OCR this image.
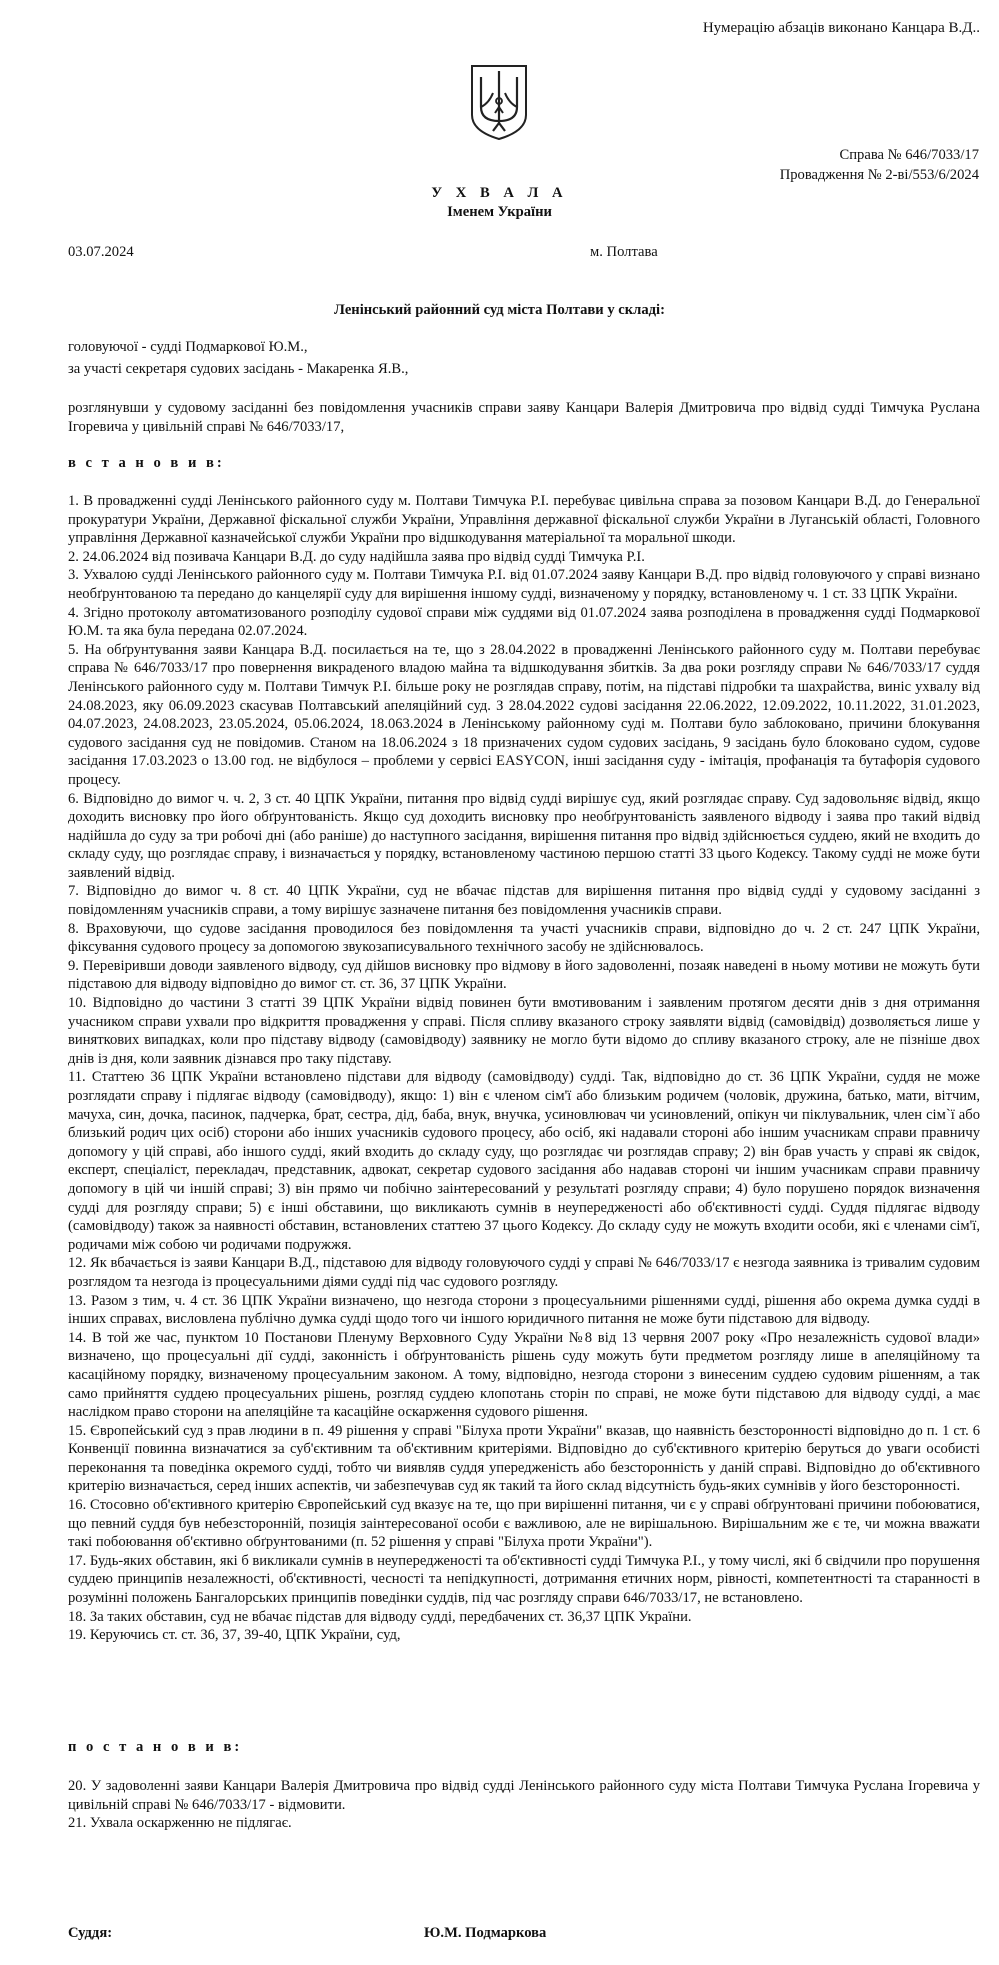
Нумерацію абзаців виконано Канцара В.Д..
Справа № 646/7033/17
Провадження № 2-ві/553/6/2024
У Х В А Л А
Іменем України
03.07.2024	м. Полтава
Ленінський районний суд міста Полтави у складі:
головуючої - судді Подмаркової Ю.М.,
за участі секретаря судових засідань - Макаренка Я.В.,
розглянувши у судовому засіданні без повідомлення учасників справи заяву Канцари Валерія Дмитровича про відвід судді Тимчука Руслана Ігоревича у цивільній справі № 646/7033/17,
в с т а н о в и в:

1. В провадженні судді Ленінського районного суду м. Полтави Тимчука Р.І. перебуває цивільна справа за позовом Канцари В.Д. до Генеральної прокуратури України, Державної фіскальної служби України, Управління державної фіскальної служби України в Луганській області, Головного управління Державної казначейської служби України про відшкодування матеріальної та моральної шкоди.

2. 24.06.2024 від позивача Канцари В.Д. до суду надійшла заява про відвід судді Тимчука Р.І.

3. Ухвалою судді Ленінського районного суду м. Полтави Тимчука Р.І. від 01.07.2024 заяву Канцари В.Д. про відвід головуючого у справі визнано необґрунтованою та передано до канцелярії суду для вирішення іншому судді, визначеному у порядку, встановленому ч. 1 ст. 33 ЦПК України.

4. Згідно протоколу автоматизованого розподілу судової справи між суддями від 01.07.2024 заява розподілена в провадження судді Подмаркової Ю.М. та яка була передана 02.07.2024.

5. На обґрунтування заяви Канцара В.Д. посилається на те, що з 28.04.2022 в провадженні Ленінського районного суду м. Полтави перебуває справа № 646/7033/17 про повернення викраденого владою майна та відшкодування збитків. За два роки розгляду справи № 646/7033/17 суддя Ленінського районного суду м. Полтави Тимчук Р.І. більше року не розглядав справу, потім, на підставі підробки та шахрайства, виніс ухвалу від 24.08.2023, яку 06.09.2023 скасував Полтавський апеляційний суд. З 28.04.2022 судові засідання 22.06.2022, 12.09.2022, 10.11.2022, 31.01.2023, 04.07.2023, 24.08.2023, 23.05.2024, 05.06.2024, 18.063.2024 в Ленінському районному суді м. Полтави було заблоковано, причини блокування судового засідання суд не повідомив. Станом на 18.06.2024 з 18 призначених судом судових засідань, 9 засідань було блоковано судом, судове засідання 17.03.2023 о 13.00 год. не відбулося – проблеми у сервісі EASYCON, інші засідання суду - імітація, профанація та бутафорія судового процесу.

6. Відповідно до вимог ч. ч. 2, 3 ст. 40 ЦПК України, питання про відвід судді вирішує суд, який розглядає справу. Суд задовольняє відвід, якщо доходить висновку про його обґрунтованість. Якщо суд доходить висновку про необґрунтованість заявленого відводу і заява про такий відвід надійшла до суду за три робочі дні (або раніше) до наступного засідання, вирішення питання про відвід здійснюється суддею, який не входить до складу суду, що розглядає справу, і визначається у порядку, встановленому частиною першою статті 33 цього Кодексу. Такому судді не може бути заявлений відвід.

7. Відповідно до вимог ч. 8 ст. 40 ЦПК України, суд не вбачає підстав для вирішення питання про відвід судді у судовому засіданні з повідомленням учасників справи, а тому вирішує зазначене питання без повідомлення учасників справи.

8. Враховуючи, що судове засідання проводилося без повідомлення та участі учасників справи, відповідно до ч. 2 ст. 247 ЦПК України, фіксування судового процесу за допомогою звукозаписувального технічного засобу не здійснювалось.

9. Перевіривши доводи заявленого відводу, суд дійшов висновку про відмову в його задоволенні, позаяк наведені в ньому мотиви не можуть бути підставою для відводу відповідно до вимог ст. ст. 36, 37 ЦПК України.

10. Відповідно до частини 3 статті 39 ЦПК України відвід повинен бути вмотивованим і заявленим протягом десяти днів з дня отримання учасником справи ухвали про відкриття провадження у справі. Після спливу вказаного строку заявляти відвід (самовідвід) дозволяється лише у виняткових випадках, коли про підставу відводу (самовідводу) заявнику не могло бути відомо до спливу вказаного строку, але не пізніше двох днів із дня, коли заявник дізнався про таку підставу.

11. Статтею 36 ЦПК України встановлено підстави для відводу (самовідводу) судді. Так, відповідно до ст. 36 ЦПК України, суддя не може розглядати справу і підлягає відводу (самовідводу), якщо: 1) він є членом сім'ї або близьким родичем (чоловік, дружина, батько, мати, вітчим, мачуха, син, дочка, пасинок, падчерка, брат, сестра, дід, баба, внук, внучка, усиновлювач чи усиновлений, опікун чи піклувальник, член сім`ї або близький родич цих осіб) сторони або інших учасників судового процесу, або осіб, які надавали стороні або іншим учасникам справи правничу допомогу у цій справі, або іншого судді, який входить до складу суду, що розглядає чи розглядав справу; 2) він брав участь у справі як свідок, експерт, спеціаліст, перекладач, представник, адвокат, секретар судового засідання або надавав стороні чи іншим учасникам справи правничу допомогу в цій чи іншій справі; 3) він прямо чи побічно заінтересований у результаті розгляду справи; 4) було порушено порядок визначення судді для розгляду справи; 5) є інші обставини, що викликають сумнів в неупередженості або об'єктивності судді. Суддя підлягає відводу (самовідводу) також за наявності обставин, встановлених статтею 37 цього Кодексу. До складу суду не можуть входити особи, які є членами сім'ї, родичами між собою чи родичами подружжя.

12. Як вбачається із заяви Канцари В.Д., підставою для відводу головуючого судді у справі № 646/7033/17 є незгода заявника із тривалим судовим розглядом та незгода із процесуальними діями судді під час судового розгляду.

13. Разом з тим, ч. 4 ст. 36 ЦПК України визначено, що незгода сторони з процесуальними рішеннями судді, рішення або окрема думка судді в інших справах, висловлена публічно думка судді щодо того чи іншого юридичного питання не може бути підставою для відводу.

14. В той же час, пунктом 10 Постанови Пленуму Верховного Суду України №8 від 13 червня 2007 року «Про незалежність судової влади» визначено, що процесуальні дії судді, законність і обґрунтованість рішень суду можуть бути предметом розгляду лише в апеляційному та касаційному порядку, визначеному процесуальним законом. А тому, відповідно, незгода сторони з винесеним суддею судовим рішенням, а так само прийняття суддею процесуальних рішень, розгляд суддею клопотань сторін по справі, не може бути підставою для відводу судді, а має наслідком право сторони на апеляційне та касаційне оскарження судового рішення.

15. Європейський суд з прав людини в п. 49 рішення у справі "Білуха проти України" вказав, що наявність безсторонності відповідно до п. 1 ст. 6 Конвенції повинна визначатися за суб'єктивним та об'єктивним критеріями. Відповідно до суб'єктивного критерію беруться до уваги особисті переконання та поведінка окремого судді, тобто чи виявляв суддя упередженість або безсторонність у даній справі. Відповідно до об'єктивного критерію визначається, серед інших аспектів, чи забезпечував суд як такий та його склад відсутність будь-яких сумнівів у його безсторонності.

16. Стосовно об'єктивного критерію Європейський суд вказує на те, що при вирішенні питання, чи є у справі обґрунтовані причини побоюватися, що певний суддя був небезсторонній, позиція заінтересованої особи є важливою, але не вирішальною. Вирішальним же є те, чи можна вважати такі побоювання об'єктивно обґрунтованими (п. 52 рішення у справі "Білуха проти України").

17. Будь-яких обставин, які б викликали сумнів в неупередженості та об'єктивності судді Тимчука Р.І., у тому числі, які б свідчили про порушення суддею принципів незалежності, об'єктивності, чесності та непідкупності, дотримання етичних норм, рівності, компетентності та старанності в розумінні положень Бангалорських принципів поведінки суддів, під час розгляду справи 646/7033/17, не встановлено.

18. За таких обставин, суд не вбачає підстав для відводу судді, передбачених ст. 36,37 ЦПК України.

19. Керуючись ст. ст. 36, 37, 39-40, ЦПК України, суд,

п о с т а н о в и в:

20. У задоволенні заяви Канцари Валерія Дмитровича про відвід судді Ленінського районного суду міста Полтави Тимчука Руслана Ігоревича у цивільній справі № 646/7033/17 - відмовити.

21. Ухвала оскарженню не підлягає.

Суддя:	Ю.М. Подмаркова
